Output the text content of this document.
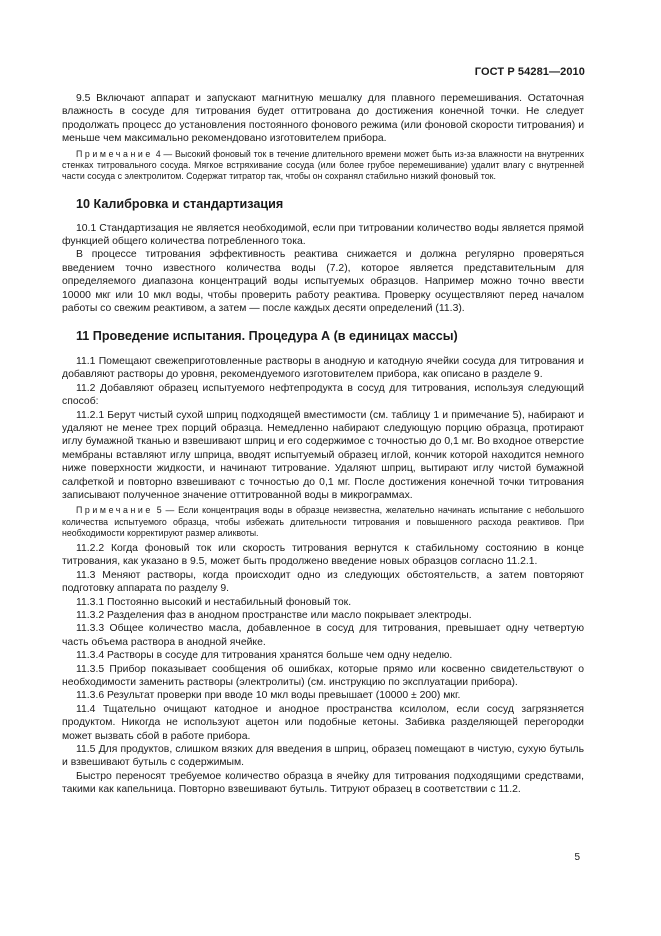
ГОСТ Р 54281—2010

9.5 Включают аппарат и запускают магнитную мешалку для плавного перемешивания. Остаточная влажность в сосуде для титрования будет оттитрована до достижения конечной точки. Не следует продолжать процесс до установления постоянного фонового режима (или фоновой скорости титрования) и меньше чем максимально рекомендовано изготовителем прибора.

Примечание 4 — Высокий фоновый ток в течение длительного времени может быть из-за влажности на внутренних стенках титровального сосуда. Мягкое встряхивание сосуда (или более грубое перемешивание) удалит влагу с внутренней части сосуда с электролитом. Содержат титратор так, чтобы он сохранял стабильно низкий фоновый ток.

10 Калибровка и стандартизация

10.1 Стандартизация не является необходимой, если при титровании количество воды является прямой функцией общего количества потребленного тока.

В процессе титрования эффективность реактива снижается и должна регулярно проверяться введением точно известного количества воды (7.2), которое является представительным для определяемого диапазона концентраций воды испытуемых образцов. Например можно точно ввести 10000 мкг или 10 мкл воды, чтобы проверить работу реактива. Проверку осуществляют перед началом работы со свежим реактивом, а затем — после каждых десяти определений (11.3).

11 Проведение испытания. Процедура А (в единицах массы)

11.1 Помещают свежеприготовленные растворы в анодную и катодную ячейки сосуда для титрования и добавляют растворы до уровня, рекомендуемого изготовителем прибора, как описано в разделе 9.

11.2 Добавляют образец испытуемого нефтепродукта в сосуд для титрования, используя следующий способ:

11.2.1 Берут чистый сухой шприц подходящей вместимости (см. таблицу 1 и примечание 5), набирают и удаляют не менее трех порций образца. Немедленно набирают следующую порцию образца, протирают иглу бумажной тканью и взвешивают шприц и его содержимое с точностью до 0,1 мг. Во входное отверстие мембраны вставляют иглу шприца, вводят испытуемый образец иглой, кончик которой находится немного ниже поверхности жидкости, и начинают титрование. Удаляют шприц, вытирают иглу чистой бумажной салфеткой и повторно взвешивают с точностью до 0,1 мг. После достижения конечной точки титрования записывают полученное значение оттитрованной воды в микрограммах.

Примечание 5 — Если концентрация воды в образце неизвестна, желательно начинать испытание с небольшого количества испытуемого образца, чтобы избежать длительности титрования и повышенного расхода реактивов. При необходимости корректируют размер аликвоты.

11.2.2 Когда фоновый ток или скорость титрования вернутся к стабильному состоянию в конце титрования, как указано в 9.5, может быть продолжено введение новых образцов согласно 11.2.1.

11.3 Меняют растворы, когда происходит одно из следующих обстоятельств, а затем повторяют подготовку аппарата по разделу 9.

11.3.1 Постоянно высокий и нестабильный фоновый ток.

11.3.2 Разделения фаз в анодном пространстве или масло покрывает электроды.

11.3.3 Общее количество масла, добавленное в сосуд для титрования, превышает одну четвертую часть объема раствора в анодной ячейке.

11.3.4 Растворы в сосуде для титрования хранятся больше чем одну неделю.

11.3.5 Прибор показывает сообщения об ошибках, которые прямо или косвенно свидетельствуют о необходимости заменить растворы (электролиты) (см. инструкцию по эксплуатации прибора).

11.3.6 Результат проверки при вводе 10 мкл воды превышает (10000 ± 200) мкг.

11.4 Тщательно очищают катодное и анодное пространства ксилолом, если сосуд загрязняется продуктом. Никогда не используют ацетон или подобные кетоны. Забивка разделяющей перегородки может вызвать сбой в работе прибора.

11.5 Для продуктов, слишком вязких для введения в шприц, образец помещают в чистую, сухую бутыль и взвешивают бутыль с содержимым.

Быстро переносят требуемое количество образца в ячейку для титрования подходящими средствами, такими как капельница. Повторно взвешивают бутыль. Титруют образец в соответствии с 11.2.

5
